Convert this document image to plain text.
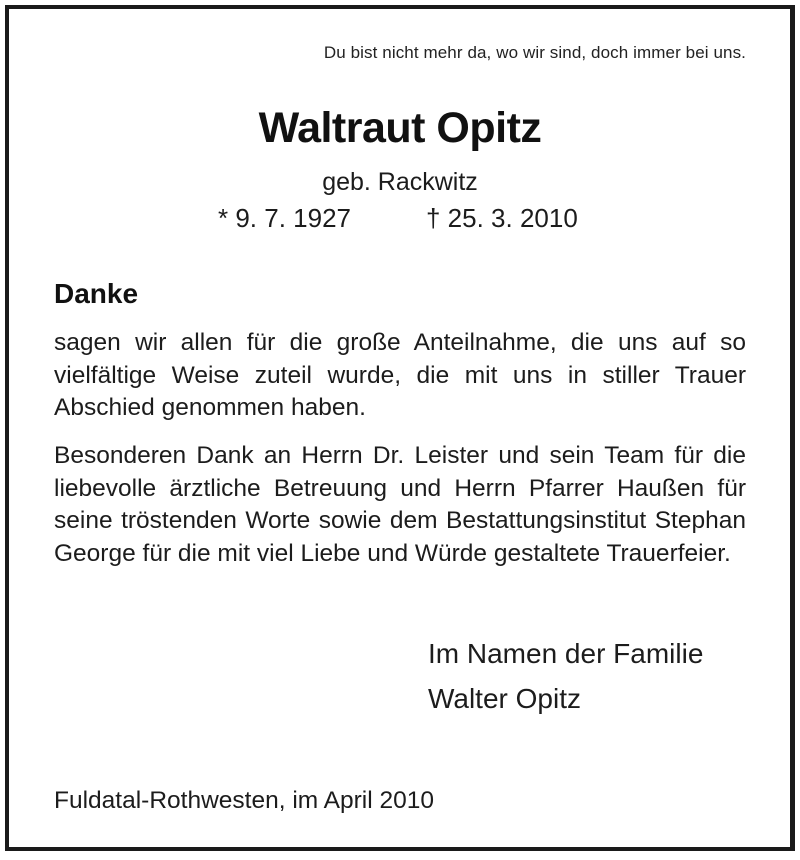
Du bist nicht mehr da, wo wir sind, doch immer bei uns.
Waltraut Opitz
geb. Rackwitz
* 9. 7. 1927	† 25. 3. 2010
Danke
sagen wir allen für die große Anteilnahme, die uns auf so vielfältige Weise zuteil wurde, die mit uns in stiller Trauer Abschied genommen haben.
Besonderen Dank an Herrn Dr. Leister und sein Team für die liebevolle ärztliche Betreuung und Herrn Pfarrer Haußen für seine tröstenden Worte sowie dem Bestattungsinstitut Stephan George für die mit viel Liebe und Würde gestaltete Trauerfeier.
Im Namen der Familie
Walter Opitz
Fuldatal-Rothwesten, im April 2010
